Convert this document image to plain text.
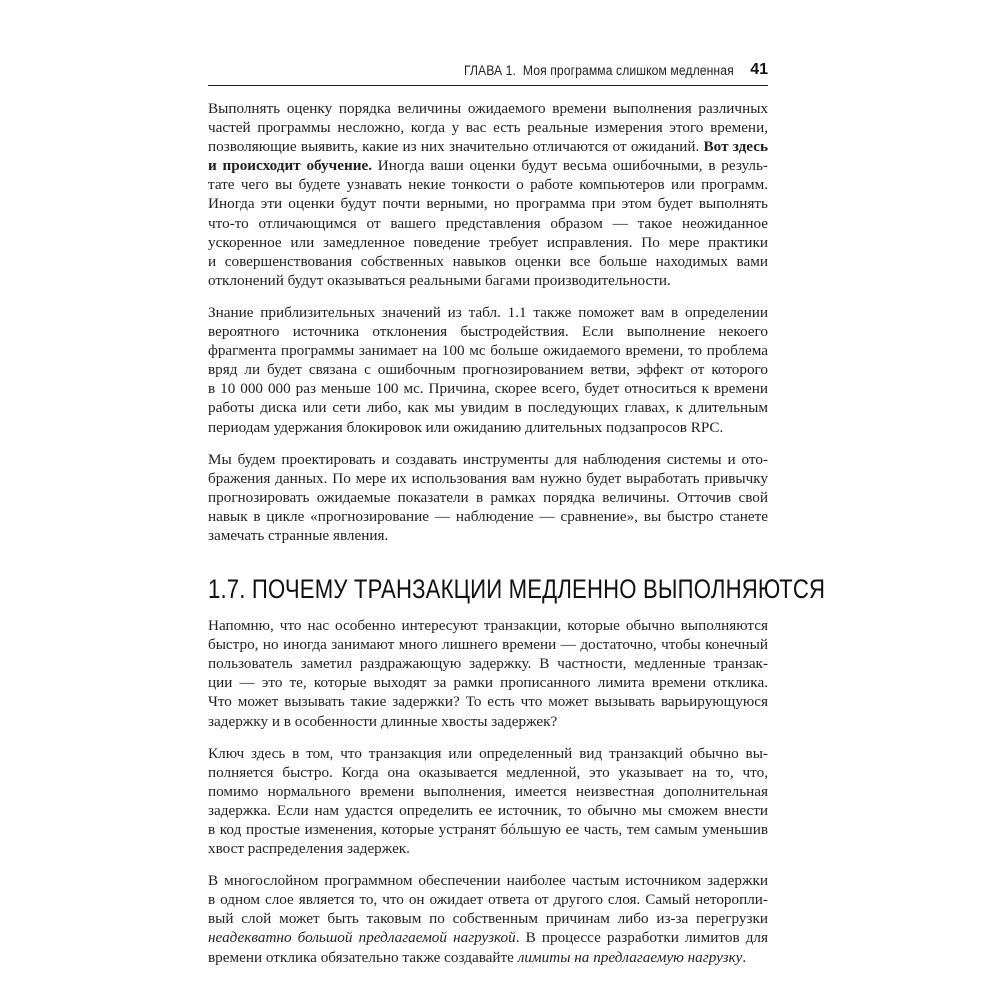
ГЛАВА 1. Моя программа слишком медленная 41
Выполнять оценку порядка величины ожидаемого времени выполнения различных
частей программы несложно, когда у вас есть реальные измерения этого времени,
позволяющие выявить, какие из них значительно отличаются от ожиданий. Вот здесь
и происходит обучение. Иногда ваши оценки будут весьма ошибочными, в резуль-
тате чего вы будете узнавать некие тонкости о работе компьютеров или программ.
Иногда эти оценки будут почти верными, но программа при этом будет выполнять
что-то отличающимся от вашего представления образом — такое неожиданное
ускоренное или замедленное поведение требует исправления. По мере практики
и совершенствования собственных навыков оценки все больше находимых вами
отклонений будут оказываться реальными багами производительности.
Знание приблизительных значений из табл. 1.1 также поможет вам в определении
вероятного источника отклонения быстродействия. Если выполнение некоего
фрагмента программы занимает на 100 мс больше ожидаемого времени, то проблема
вряд ли будет связана с ошибочным прогнозированием ветви, эффект от которого
в 10 000 000 раз меньше 100 мс. Причина, скорее всего, будет относиться к времени
работы диска или сети либо, как мы увидим в последующих главах, к длительным
периодам удержания блокировок или ожиданию длительных подзапросов RPC.
Мы будем проектировать и создавать инструменты для наблюдения системы и ото-
бражения данных. По мере их использования вам нужно будет выработать привычку
прогнозировать ожидаемые показатели в рамках порядка величины. Отточив свой
навык в цикле «прогнозирование — наблюдение — сравнение», вы быстро станете
замечать странные явления.
1.7. ПОЧЕМУ ТРАНЗАКЦИИ МЕДЛЕННО ВЫПОЛНЯЮТСЯ
Напомню, что нас особенно интересуют транзакции, которые обычно выполняются
быстро, но иногда занимают много лишнего времени — достаточно, чтобы конечный
пользователь заметил раздражающую задержку. В частности, медленные транзак-
ции — это те, которые выходят за рамки прописанного лимита времени отклика.
Что может вызывать такие задержки? То есть что может вызывать варьирующуюся
задержку и в особенности длинные хвосты задержек?
Ключ здесь в том, что транзакция или определенный вид транзакций обычно вы-
полняется быстро. Когда она оказывается медленной, это указывает на то, что,
помимо нормального времени выполнения, имеется неизвестная дополнительная
задержка. Если нам удастся определить ее источник, то обычно мы сможем внести
в код простые изменения, которые устранят бóльшую ее часть, тем самым уменьшив
хвост распределения задержек.
В многослойном программном обеспечении наиболее частым источником задержки
в одном слое является то, что он ожидает ответа от другого слоя. Самый неторопли-
вый слой может быть таковым по собственным причинам либо из-за перегрузки
неадекватно большой предлагаемой нагрузкой. В процессе разработки лимитов для
времени отклика обязательно также создавайте лимиты на предлагаемую нагрузку.
